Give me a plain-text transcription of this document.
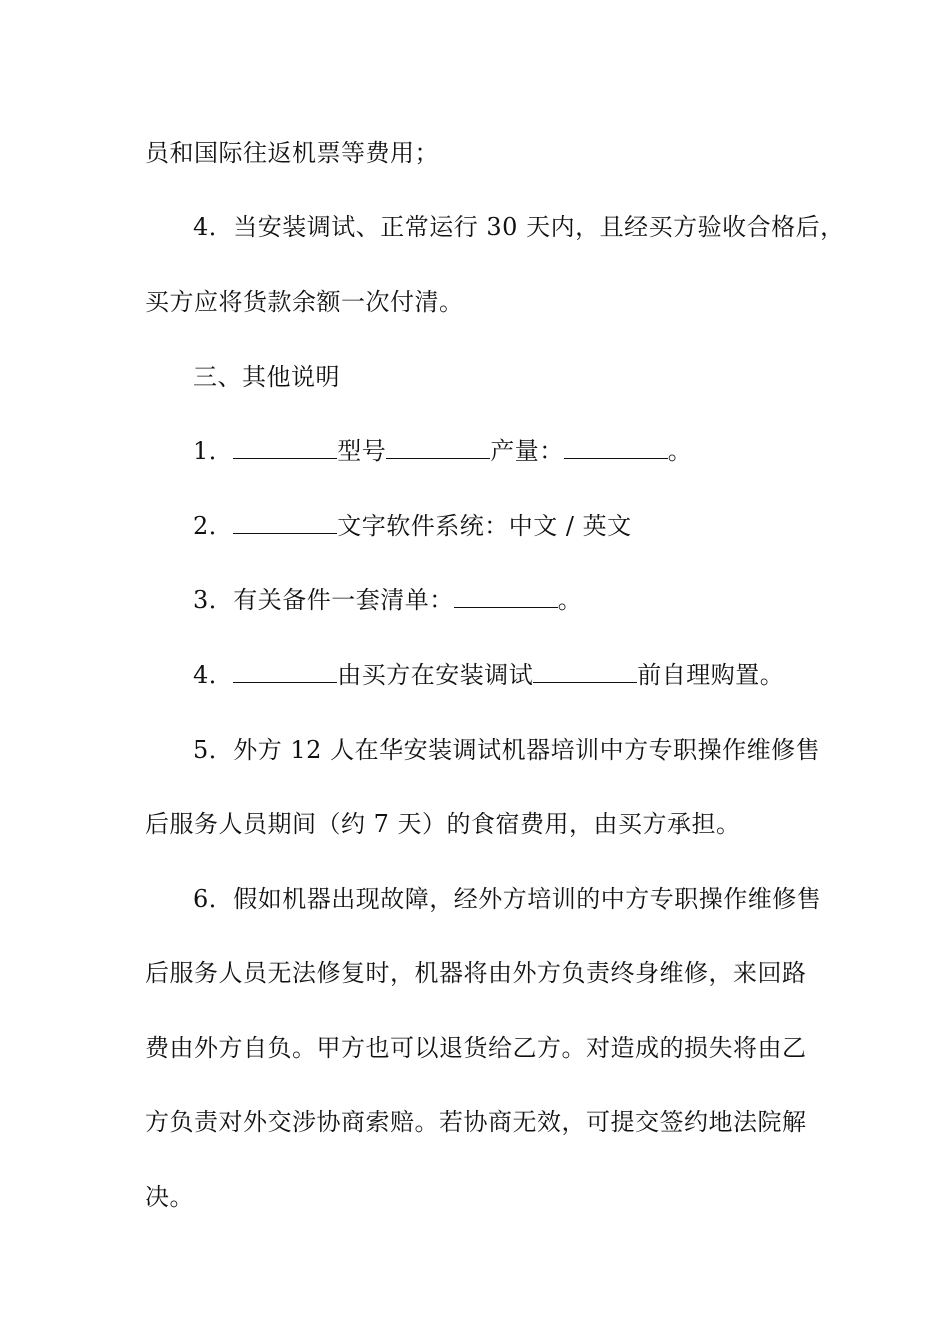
员和国际往返机票等费用；
4．当安装调试、正常运行 30 天内，且经买方验收合格后，
买方应将货款余额一次付清。
三、其他说明
1．	型号	产量：	。
2．	文字软件系统：中文 / 英文
3．有关备件一套清单：	。
4．	由买方在安装调试	前自理购置。
5．外方 12 人在华安装调试机器培训中方专职操作维修售
后服务人员期间（约 7 天）的食宿费用，由买方承担。
6．假如机器出现故障，经外方培训的中方专职操作维修售
后服务人员无法修复时，机器将由外方负责终身维修，来回路
费由外方自负。甲方也可以退货给乙方。对造成的损失将由乙
方负责对外交涉协商索赔。若协商无效，可提交签约地法院解
决。
